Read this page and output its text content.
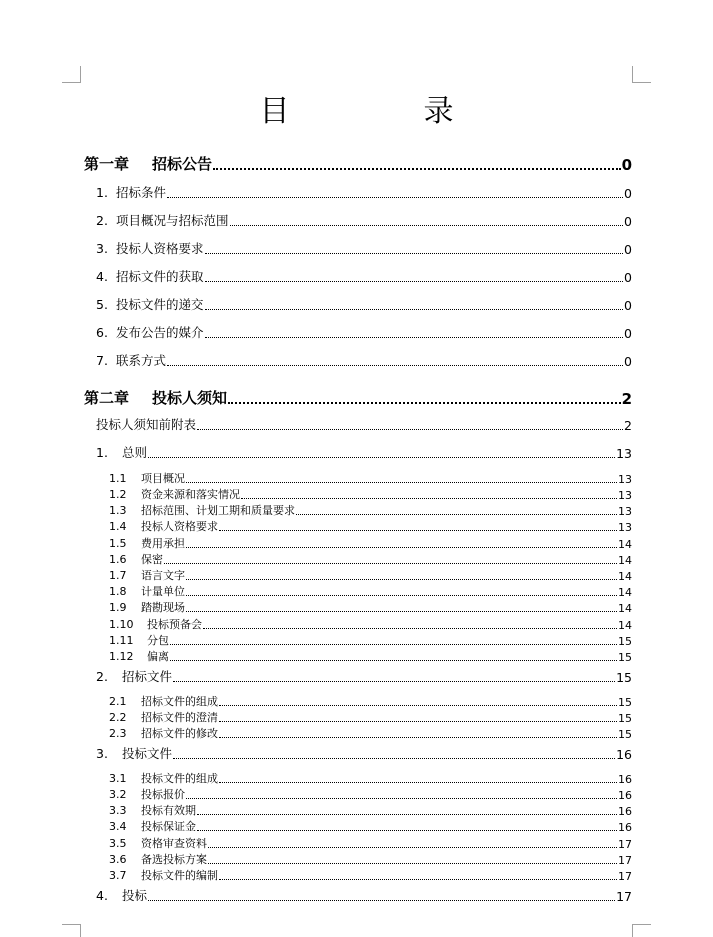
目　录
第一章 招标公告	0
1. 招标条件	0
2. 项目概况与招标范围	0
3. 投标人资格要求	0
4. 招标文件的获取	0
5. 投标文件的递交	0
6. 发布公告的媒介	0
7. 联系方式	0
第二章 投标人须知	2
投标人须知前附表	2
1. 总则	13
1.1 项目概况	13
1.2 资金来源和落实情况	13
1.3 招标范围、计划工期和质量要求	13
1.4 投标人资格要求	13
1.5 费用承担	14
1.6 保密	14
1.7 语言文字	14
1.8 计量单位	14
1.9 踏勘现场	14
1.10 投标预备会	14
1.11 分包	15
1.12 偏离	15
2. 招标文件	15
2.1 招标文件的组成	15
2.2 招标文件的澄清	15
2.3 招标文件的修改	15
3. 投标文件	16
3.1 投标文件的组成	16
3.2 投标报价	16
3.3 投标有效期	16
3.4 投标保证金	16
3.5 资格审查资料	17
3.6 备选投标方案	17
3.7 投标文件的编制	17
4. 投标	17
